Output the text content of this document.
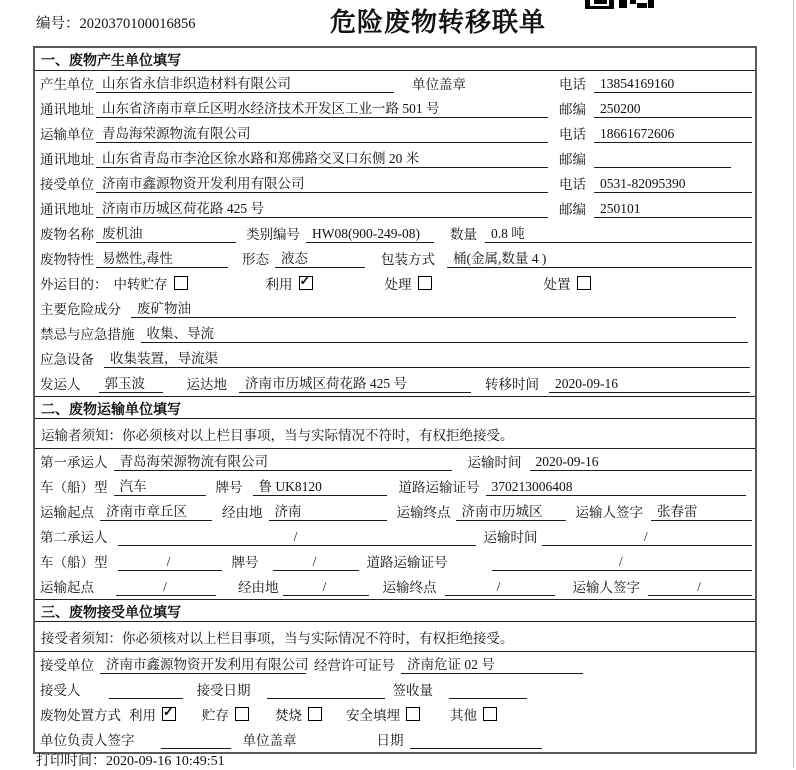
编号：2020370100016856	危险废物转移联单
一、废物产生单位填写
产生单位 山东省永信非织造材料有限公司	单位盖章	电话	13854169160
通讯地址 山东省济南市章丘区明水经济技术开发区工业一路 501 号	邮编	250200
运输单位 青岛海荣源物流有限公司	电话	18661672606
通讯地址 山东省青岛市李沧区徐水路和郑佛路交叉口东侧 20 米	邮编
接受单位 济南市鑫源物资开发利用有限公司	电话	0531-82095390
通讯地址 济南市历城区荷花路 425 号	邮编	250101
废物名称 废机油	类别编号 HW08(900-249-08)	数量	0.8 吨
废物特性 易燃性,毒性	形态 液态	包装方式	桶(金属,数量 4 )
外运目的： 中转贮存	利用 ✓	处理	处置
主要危险成分	废矿物油
禁忌与应急措施 收集、导流
应急设备	收集装置，导流渠
发运人	郭玉波	运达地	济南市历城区荷花路 425 号	转移时间	2020-09-16
二、废物运输单位填写
运输者须知：你必须核对以上栏目事项，当与实际情况不符时，有权拒绝接受。
第一承运人 青岛海荣源物流有限公司	运输时间	2020-09-16
车（船）型 汽车	牌号	鲁 UK8120	道路运输证号 370213006408
运输起点 济南市章丘区	经由地 济南	运输终点 济南市历城区	运输人签字	张春雷
第二承运人	/	运输时间	/
车（船）型	/	牌号	/	道路运输证号	/
运输起点	/	经由地	/	运输终点	/	运输人签字	/
三、废物接受单位填写
接受者须知：你必须核对以上栏目事项，当与实际情况不符时，有权拒绝接受。
接受单位 济南市鑫源物资开发利用有限公司 经营许可证号 济南危证 02 号
接受人	接受日期	签收量
废物处置方式 利用 ✓	贮存	焚烧	安全填埋	其他
单位负责人签字	单位盖章	日期
打印时间：2020-09-16 10:49:51
